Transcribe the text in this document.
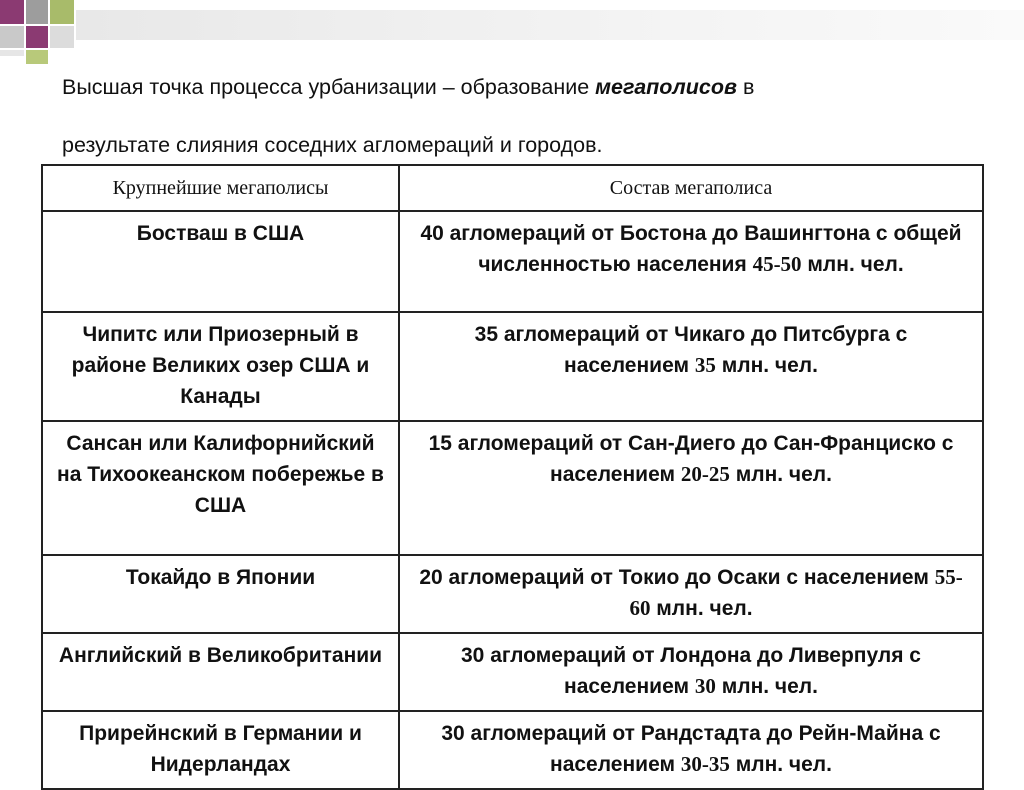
Высшая точка процесса урбанизации – образование мегаполисов в
результате слияния соседних агломераций и городов.
Крупнейшие мегаполисы	Состав мегаполиса
Бостваш в США	40 агломераций от Бостона до Вашингтона с общей численностью населения 45-50 млн. чел.
Чипитс или Приозерный в районе Великих озер США и Канады	35 агломераций от Чикаго до Питсбурга с населением 35 млн. чел.
Сансан или Калифорнийский на Тихоокеанском побережье в США	15 агломераций от Сан-Диего до Сан-Франциско с населением 20-25 млн. чел.
Токайдо в Японии	20 агломераций от Токио до Осаки с населением 55-60 млн. чел.
Английский в Великобритании	30 агломераций от Лондона до Ливерпуля с населением 30 млн. чел.
Прирейнский в Германии и Нидерландах	30 агломераций от Рандстадта до Рейн-Майна с населением 30-35 млн. чел.
